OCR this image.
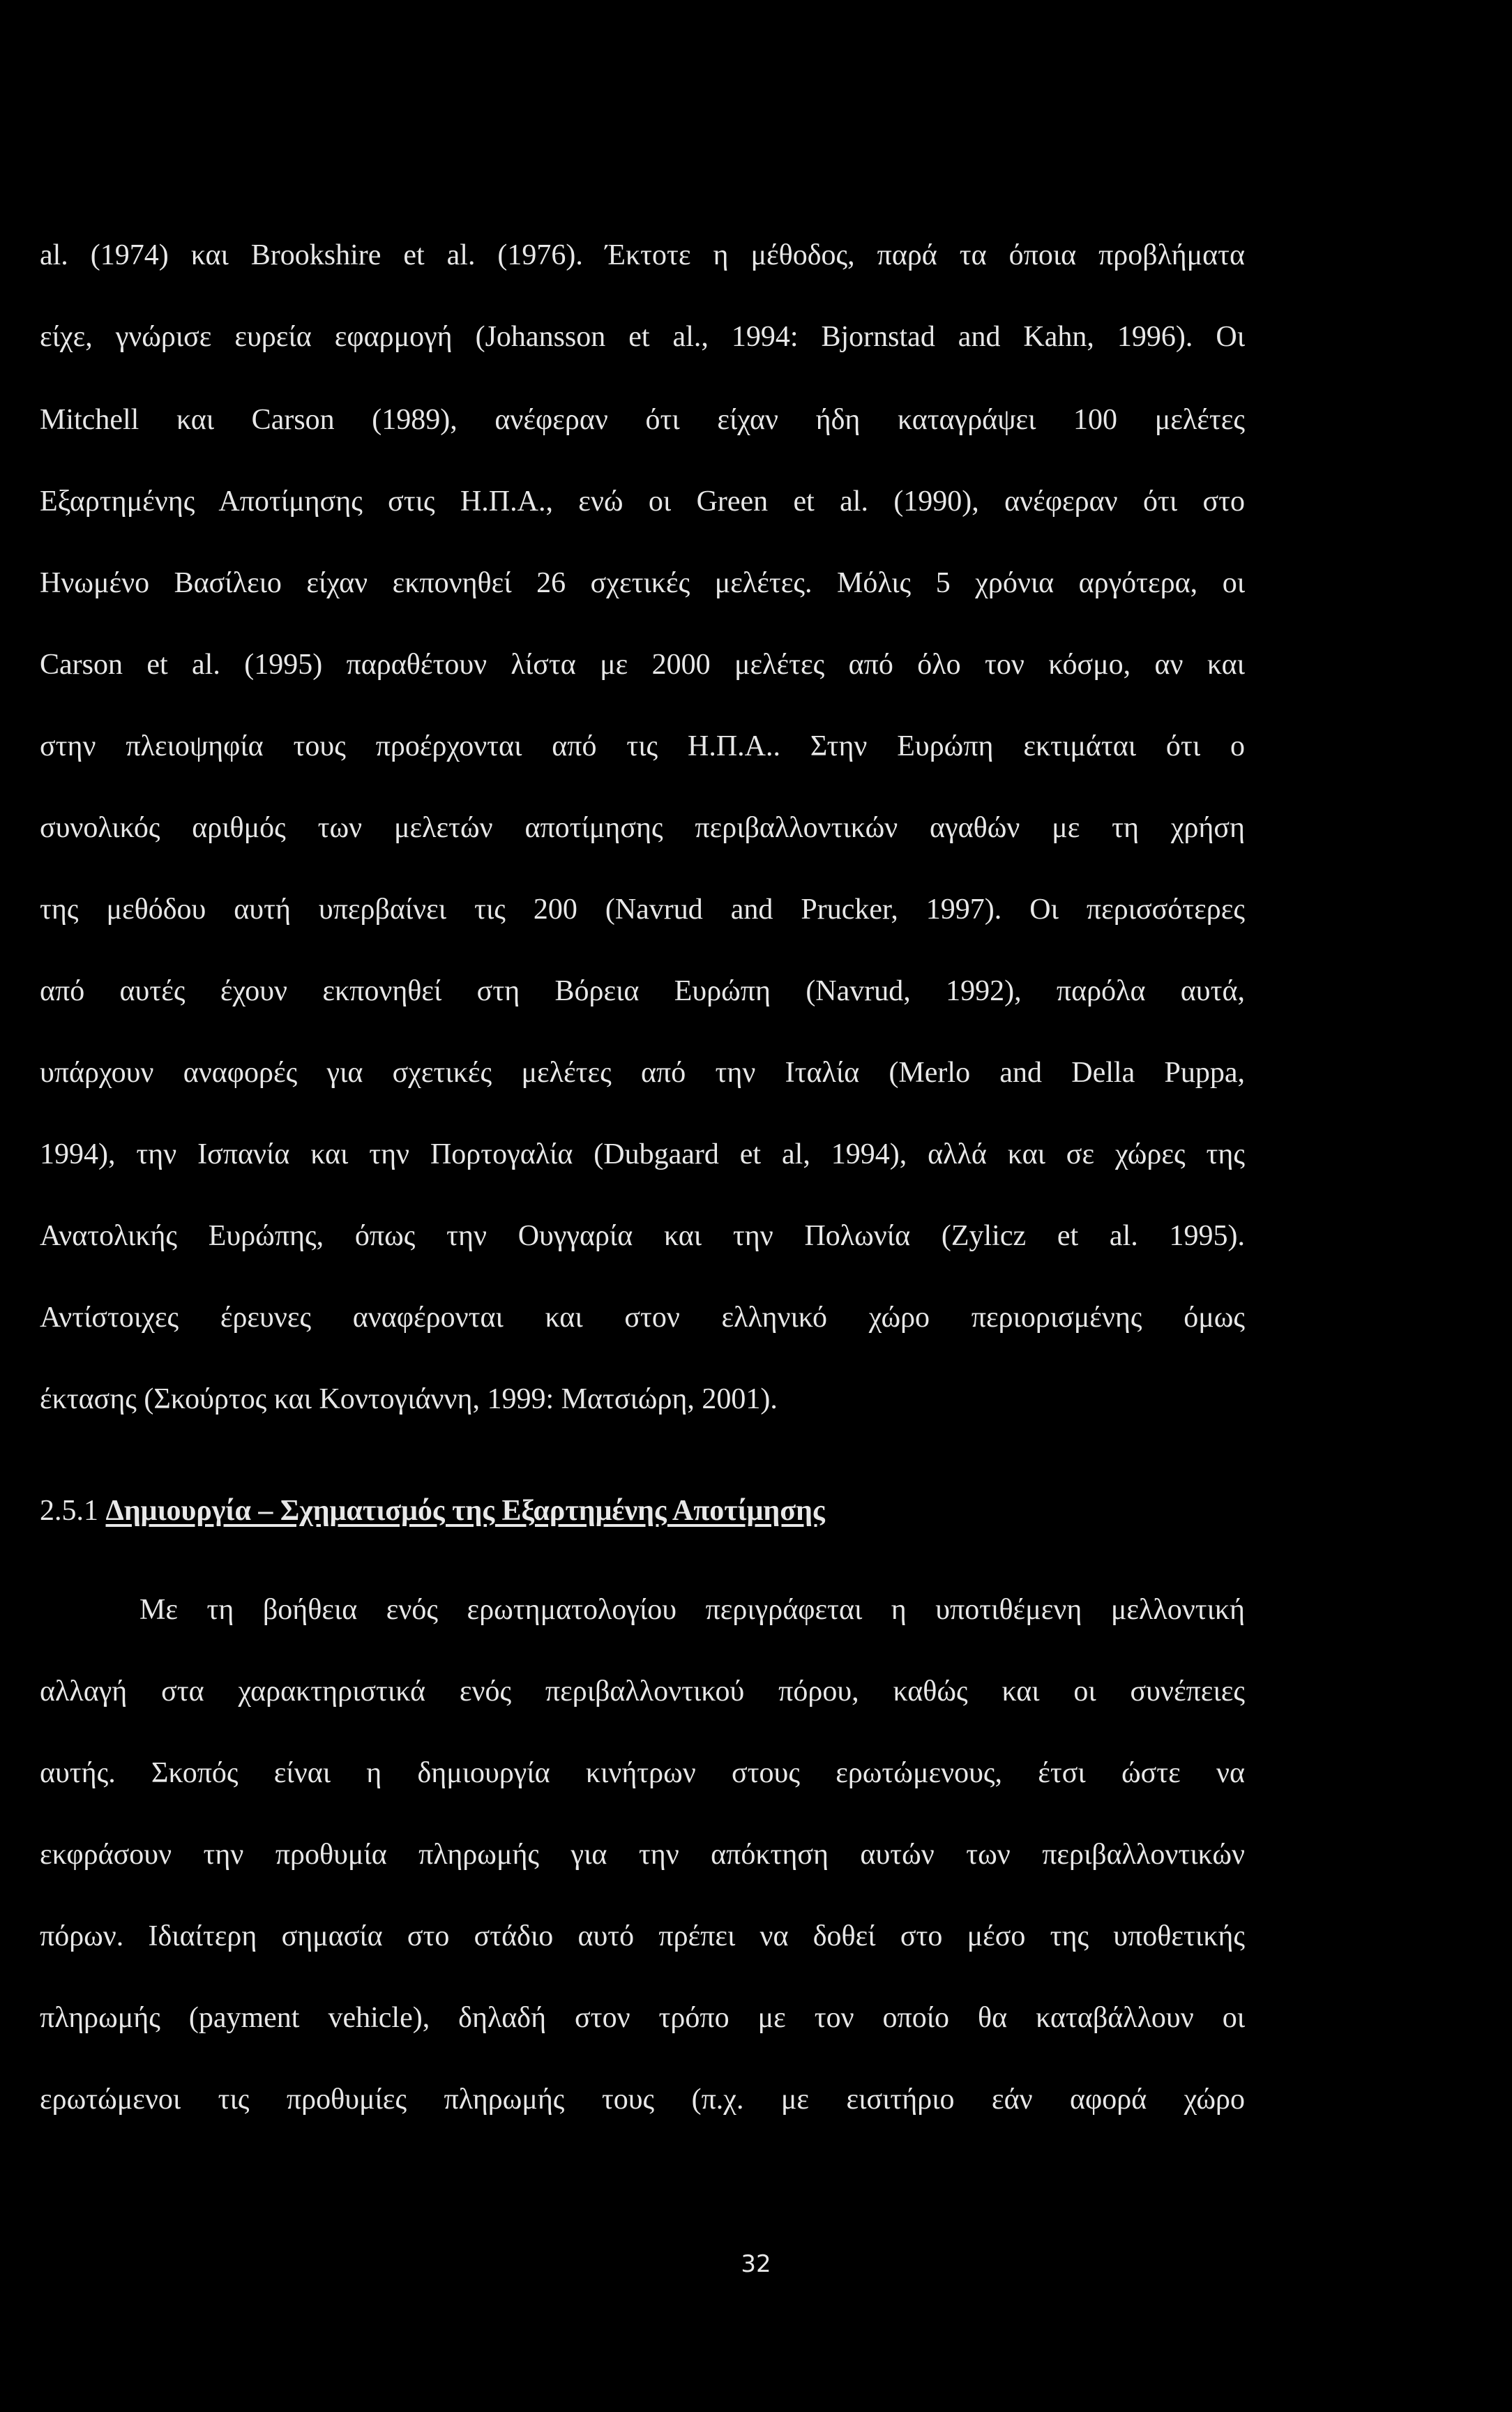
al. (1974) και Brookshire et al. (1976). Έκτοτε η μέθοδος, παρά τα όποια προβλήματα
είχε, γνώρισε ευρεία εφαρμογή (Johansson et al., 1994: Bjornstad and Kahn, 1996). Οι
Mitchell και Carson (1989), ανέφεραν ότι είχαν ήδη καταγράψει 100 μελέτες
Εξαρτημένης Αποτίμησης στις Η.Π.Α., ενώ οι Green et al. (1990), ανέφεραν ότι στο
Ηνωμένο Βασίλειο είχαν εκπονηθεί 26 σχετικές μελέτες. Μόλις 5 χρόνια αργότερα, οι
Carson et al. (1995) παραθέτουν λίστα με 2000 μελέτες από όλο τον κόσμο, αν και
στην πλειοψηφία τους προέρχονται από τις Η.Π.Α.. Στην Ευρώπη εκτιμάται ότι ο
συνολικός αριθμός των μελετών αποτίμησης περιβαλλοντικών αγαθών με τη χρήση
της μεθόδου αυτή υπερβαίνει τις 200 (Navrud and Prucker, 1997). Οι περισσότερες
από αυτές έχουν εκπονηθεί στη Βόρεια Ευρώπη (Navrud, 1992), παρόλα αυτά,
υπάρχουν αναφορές για σχετικές μελέτες από την Ιταλία (Merlo and Della Puppa,
1994), την Ισπανία και την Πορτογαλία (Dubgaard et al, 1994), αλλά και σε χώρες της
Ανατολικής Ευρώπης, όπως την Ουγγαρία και την Πολωνία (Zylicz et al. 1995).
Αντίστοιχες έρευνες αναφέρονται και στον ελληνικό χώρο περιορισμένης όμως
έκτασης (Σκούρτος και Κοντογιάννη, 1999: Ματσιώρη, 2001).
2.5.1 Δημιουργία – Σχηματισμός της Εξαρτημένης Αποτίμησης
Με τη βοήθεια ενός ερωτηματολογίου περιγράφεται η υποτιθέμενη μελλοντική
αλλαγή στα χαρακτηριστικά ενός περιβαλλοντικού πόρου, καθώς και οι συνέπειες
αυτής. Σκοπός είναι η δημιουργία κινήτρων στους ερωτώμενους, έτσι ώστε να
εκφράσουν την προθυμία πληρωμής για την απόκτηση αυτών των περιβαλλοντικών
πόρων. Ιδιαίτερη σημασία στο στάδιο αυτό πρέπει να δοθεί στο μέσο της υποθετικής
πληρωμής (payment vehicle), δηλαδή στον τρόπο με τον οποίο θα καταβάλλουν οι
ερωτώμενοι τις προθυμίες πληρωμής τους (π.χ. με εισιτήριο εάν αφορά χώρο
32
